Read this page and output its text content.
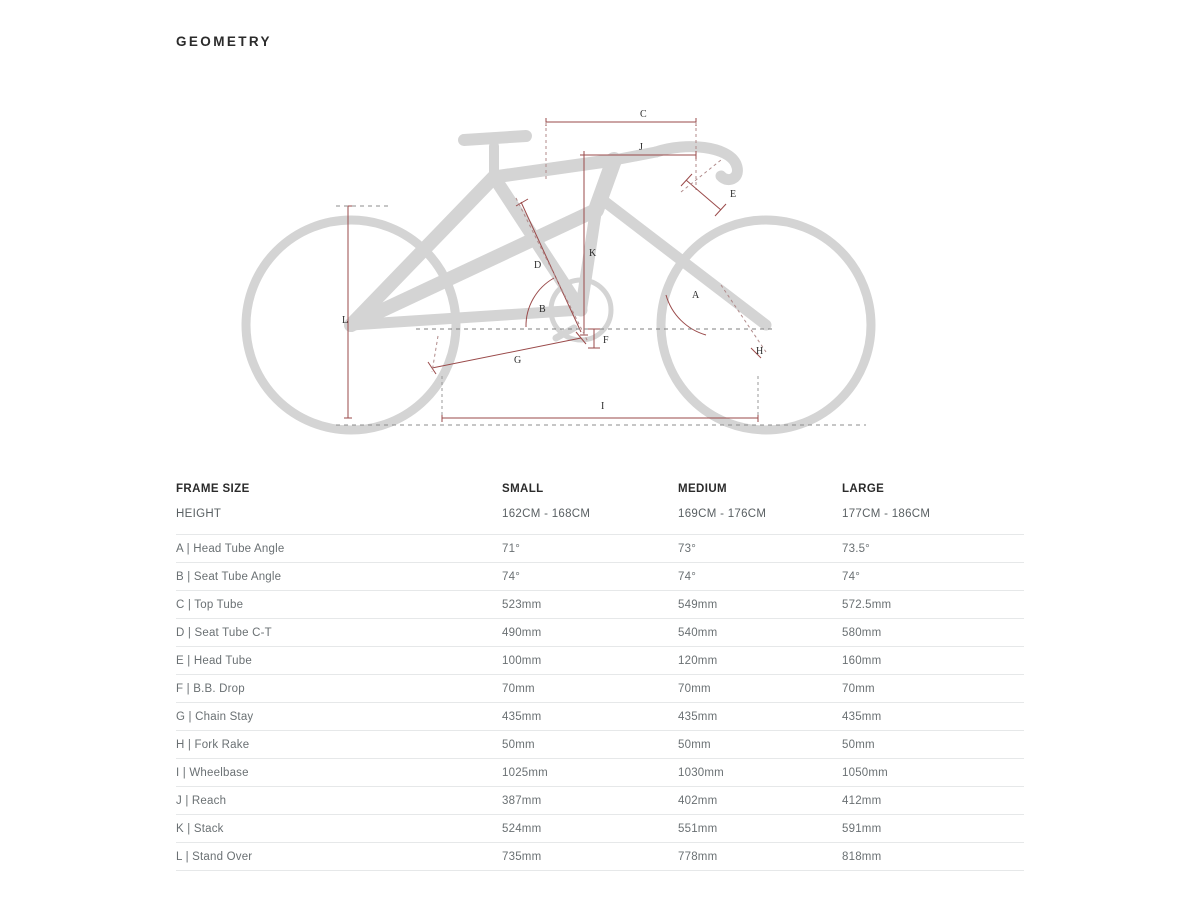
GEOMETRY
C
J
K
E
D
B
A
F
G
H
I
L
FRAME SIZE	SMALL	MEDIUM	LARGE
HEIGHT	162CM - 168CM	169CM - 176CM	177CM - 186CM
A | Head Tube Angle	71°	73°	73.5°
B | Seat Tube Angle	74°	74°	74°
C | Top Tube	523mm	549mm	572.5mm
D | Seat Tube C-T	490mm	540mm	580mm
E | Head Tube	100mm	120mm	160mm
F | B.B. Drop	70mm	70mm	70mm
G | Chain Stay	435mm	435mm	435mm
H | Fork Rake	50mm	50mm	50mm
I | Wheelbase	1025mm	1030mm	1050mm
J | Reach	387mm	402mm	412mm
K | Stack	524mm	551mm	591mm
L | Stand Over	735mm	778mm	818mm
